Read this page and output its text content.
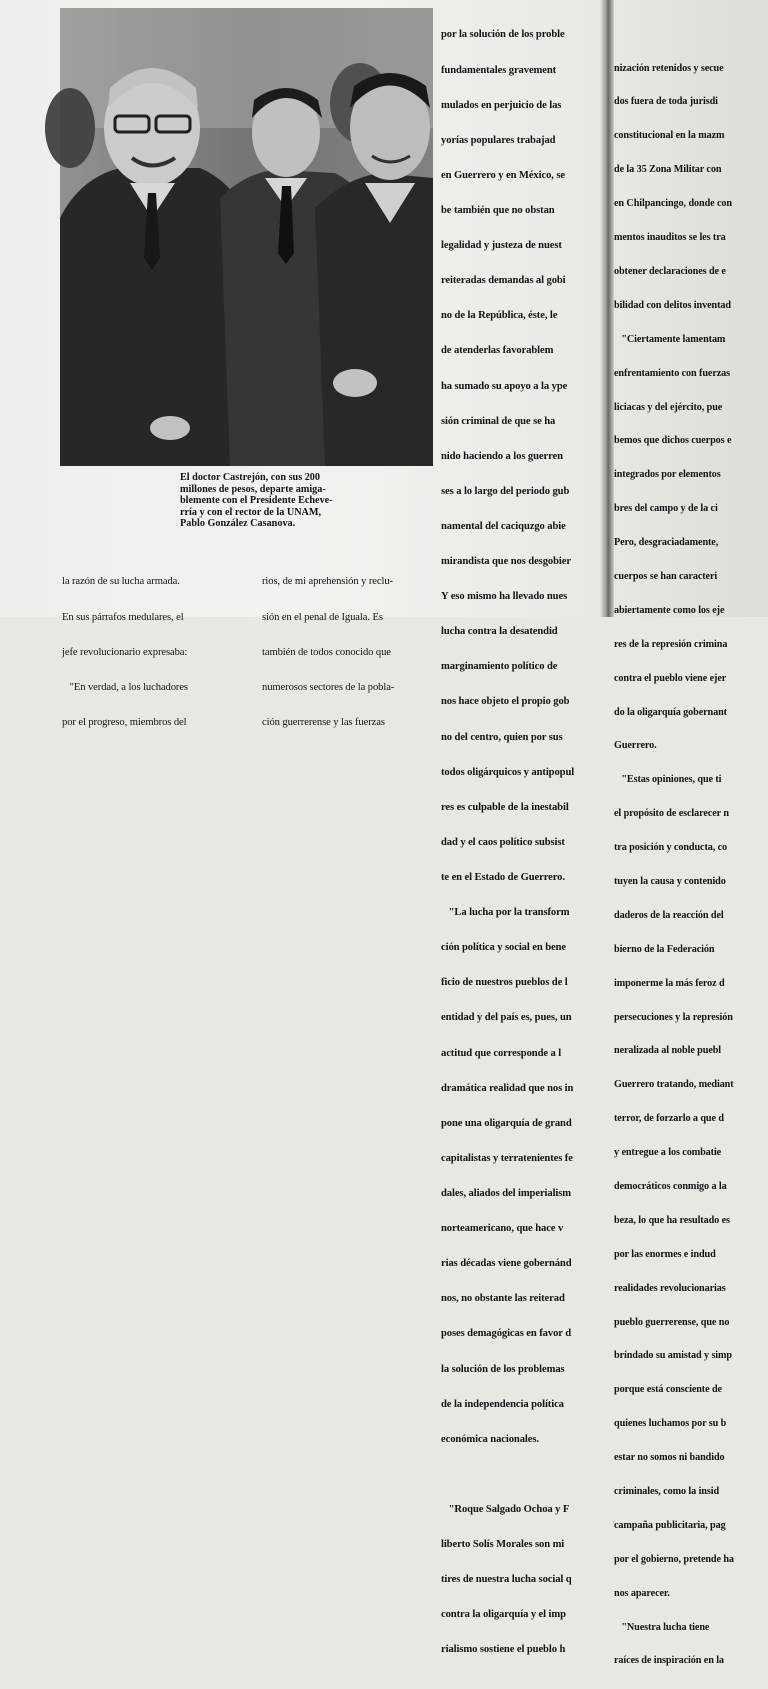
El doctor Castrejón, con sus 200
millones de pesos, departe amiga-
blemente con el Presidente Echeve-
rría y con el rector de la UNAM,
Pablo González Casanova.

la razón de su lucha armada.

En sus párrafos medulares, el

jefe revolucionario expresaba:

"En verdad, a los luchadores

por el progreso, miembros del

rios, de mi aprehensión y reclu-

sión en el penal de Iguala. Es

también de todos conocido que

numerosos sectores de la pobla-

ción guerrerense y las fuerzas

por la solución de los proble

fundamentales gravement

mulados en perjuicio de las

yorías populares trabajad

en Guerrero y en México, se

be también que no obstan

legalidad y justeza de nuest

reiteradas demandas al gobi

no de la República, éste, le

de atenderlas favorablem

ha sumado su apoyo a la ype

sión criminal de que se ha

nido haciendo a los guerren

ses a lo largo del periodo gub

namental del caciquzgo abie

mirandista que nos desgobier

Y eso mismo ha llevado nues

lucha contra la desatendid

marginamiento político de

nos hace objeto el propio gob

no del centro, quien por sus

todos oligárquicos y antipopul

res es culpable de la inestabil

dad y el caos político subsist

te en el Estado de Guerrero.

"La lucha por la transform

ción política y social en bene

ficio de nuestros pueblos de l

entidad y del país es, pues, un

actitud que corresponde a l

dramática realidad que nos in

pone una oligarquía de grand

capitalistas y terratenientes fe

dales, aliados del imperialism

norteamericano, que hace v

rias décadas viene gobernánd

nos, no obstante las reiterad

poses demagógicas en favor d

la solución de los problemas

de la independencia política

económica nacionales.

"Roque Salgado Ochoa y F

liberto Solís Morales son mi

tires de nuestra lucha social q

contra la oligarquía y el imp

rialismo sostiene el pueblo h

nización retenidos y secue

dos fuera de toda jurisdi

constitucional en la mazm

de la 35 Zona Militar con

en Chilpancingo, donde con

mentos inauditos se les tra

obtener declaraciones de e

bilidad con delitos inventad

"Ciertamente lamentam

enfrentamiento con fuerzas

liciacas y del ejército, pue

bemos que dichos cuerpos e

integrados por elementos

bres del campo y de la ci

Pero, desgraciadamente,

cuerpos se han caracteri

abiertamente como los eje

res de la represión crimina

contra el pueblo viene ejer

do la oligarquía gobernant

Guerrero.

"Estas opiniones, que ti

el propósito de esclarecer n

tra posición y conducta, co

tuyen la causa y contenido

daderos de la reacción del

bierno de la Federación

imponerme la más feroz d

persecuciones y la represión

neralizada al noble puebl

Guerrero tratando, mediant

terror, de forzarlo a que d

y entregue a los combatie

democráticos conmigo a la

beza, lo que ha resultado es

por las enormes e indud

realidades revolucionarias

pueblo guerrerense, que no

bríndado su amistad y simp

porque está consciente de

quienes luchamos por su b

estar no somos ni bandido

criminales, como la insid

campaña publicitaria, pag

por el gobierno, pretende ha

nos aparecer.

"Nuestra lucha tiene

raíces de inspiración en la
